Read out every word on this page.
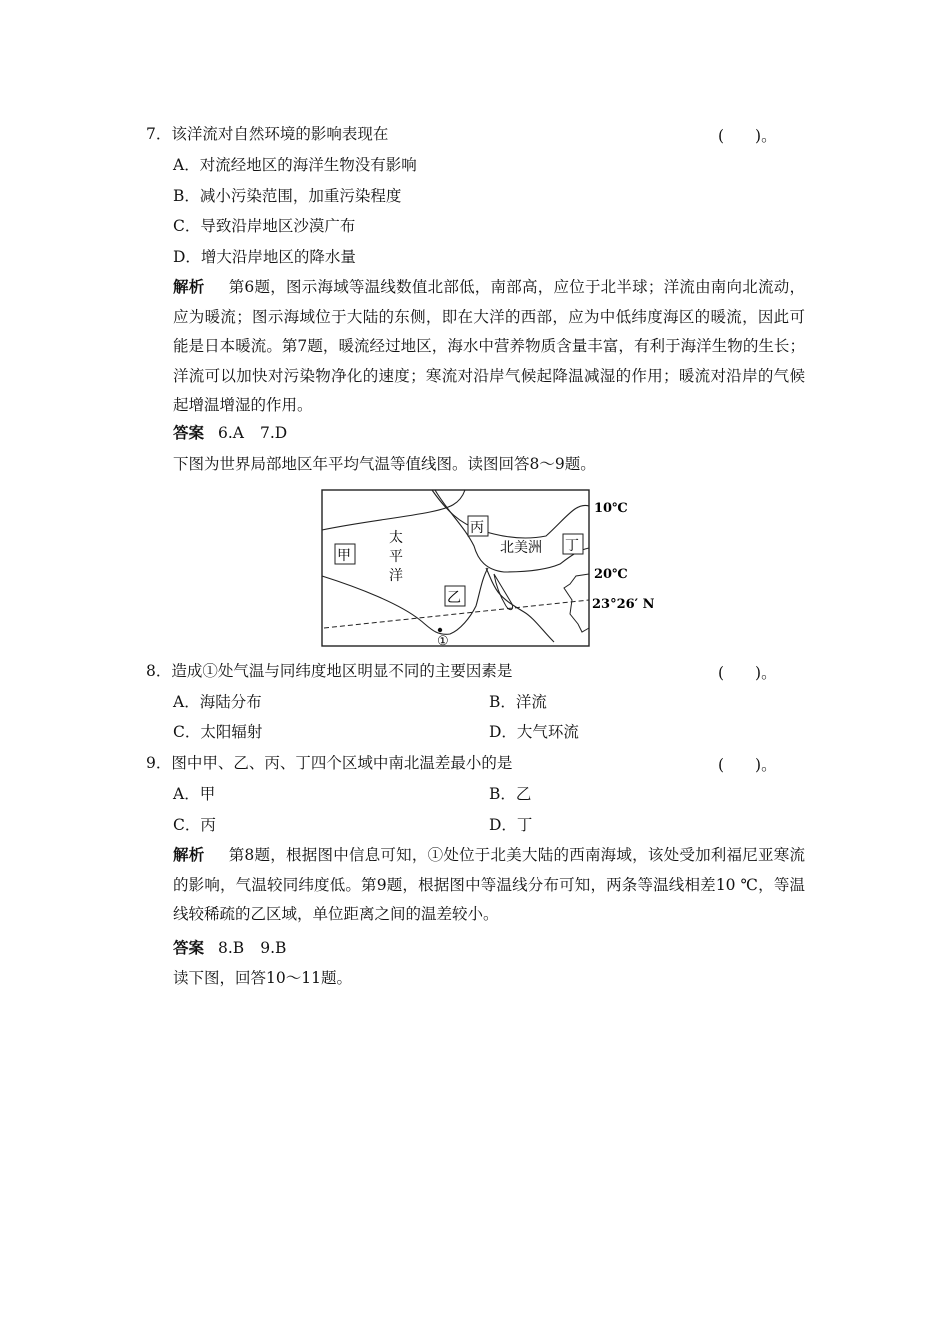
7．该洋流对自然环境的影响表现在	(　　)。
A．对流经地区的海洋生物没有影响
B．减小污染范围，加重污染程度
C．导致沿岸地区沙漠广布
D．增大沿岸地区的降水量
解析 第6题，图示海域等温线数值北部低，南部高，应位于北半球；洋流由南向北流动，应为暖流；图示海域位于大陆的东侧，即在大洋的西部，应为中低纬度海区的暖流，因此可能是日本暖流。第7题，暖流经过地区，海水中营养物质含量丰富，有利于海洋生物的生长；洋流可以加快对污染物净化的速度；寒流对沿岸气候起降温减湿的作用；暖流对沿岸的气候起增温增湿的作用。
答案 6.A 7.D
下图为世界局部地区年平均气温等值线图。读图回答8～9题。
①
甲
丙
丁
乙
太
平
洋
北美洲
10℃
20℃
23°26′ N
8．造成①处气温与同纬度地区明显不同的主要因素是	(　　)。
A．海陆分布	B．洋流
C．太阳辐射	D．大气环流
9．图中甲、乙、丙、丁四个区域中南北温差最小的是	(　　)。
A．甲	B．乙
C．丙	D．丁
解析 第8题，根据图中信息可知，①处位于北美大陆的西南海域，该处受加利福尼亚寒流的影响，气温较同纬度低。第9题，根据图中等温线分布可知，两条等温线相差10 ℃，等温线较稀疏的乙区域，单位距离之间的温差较小。
答案 8.B 9.B
读下图，回答10～11题。
